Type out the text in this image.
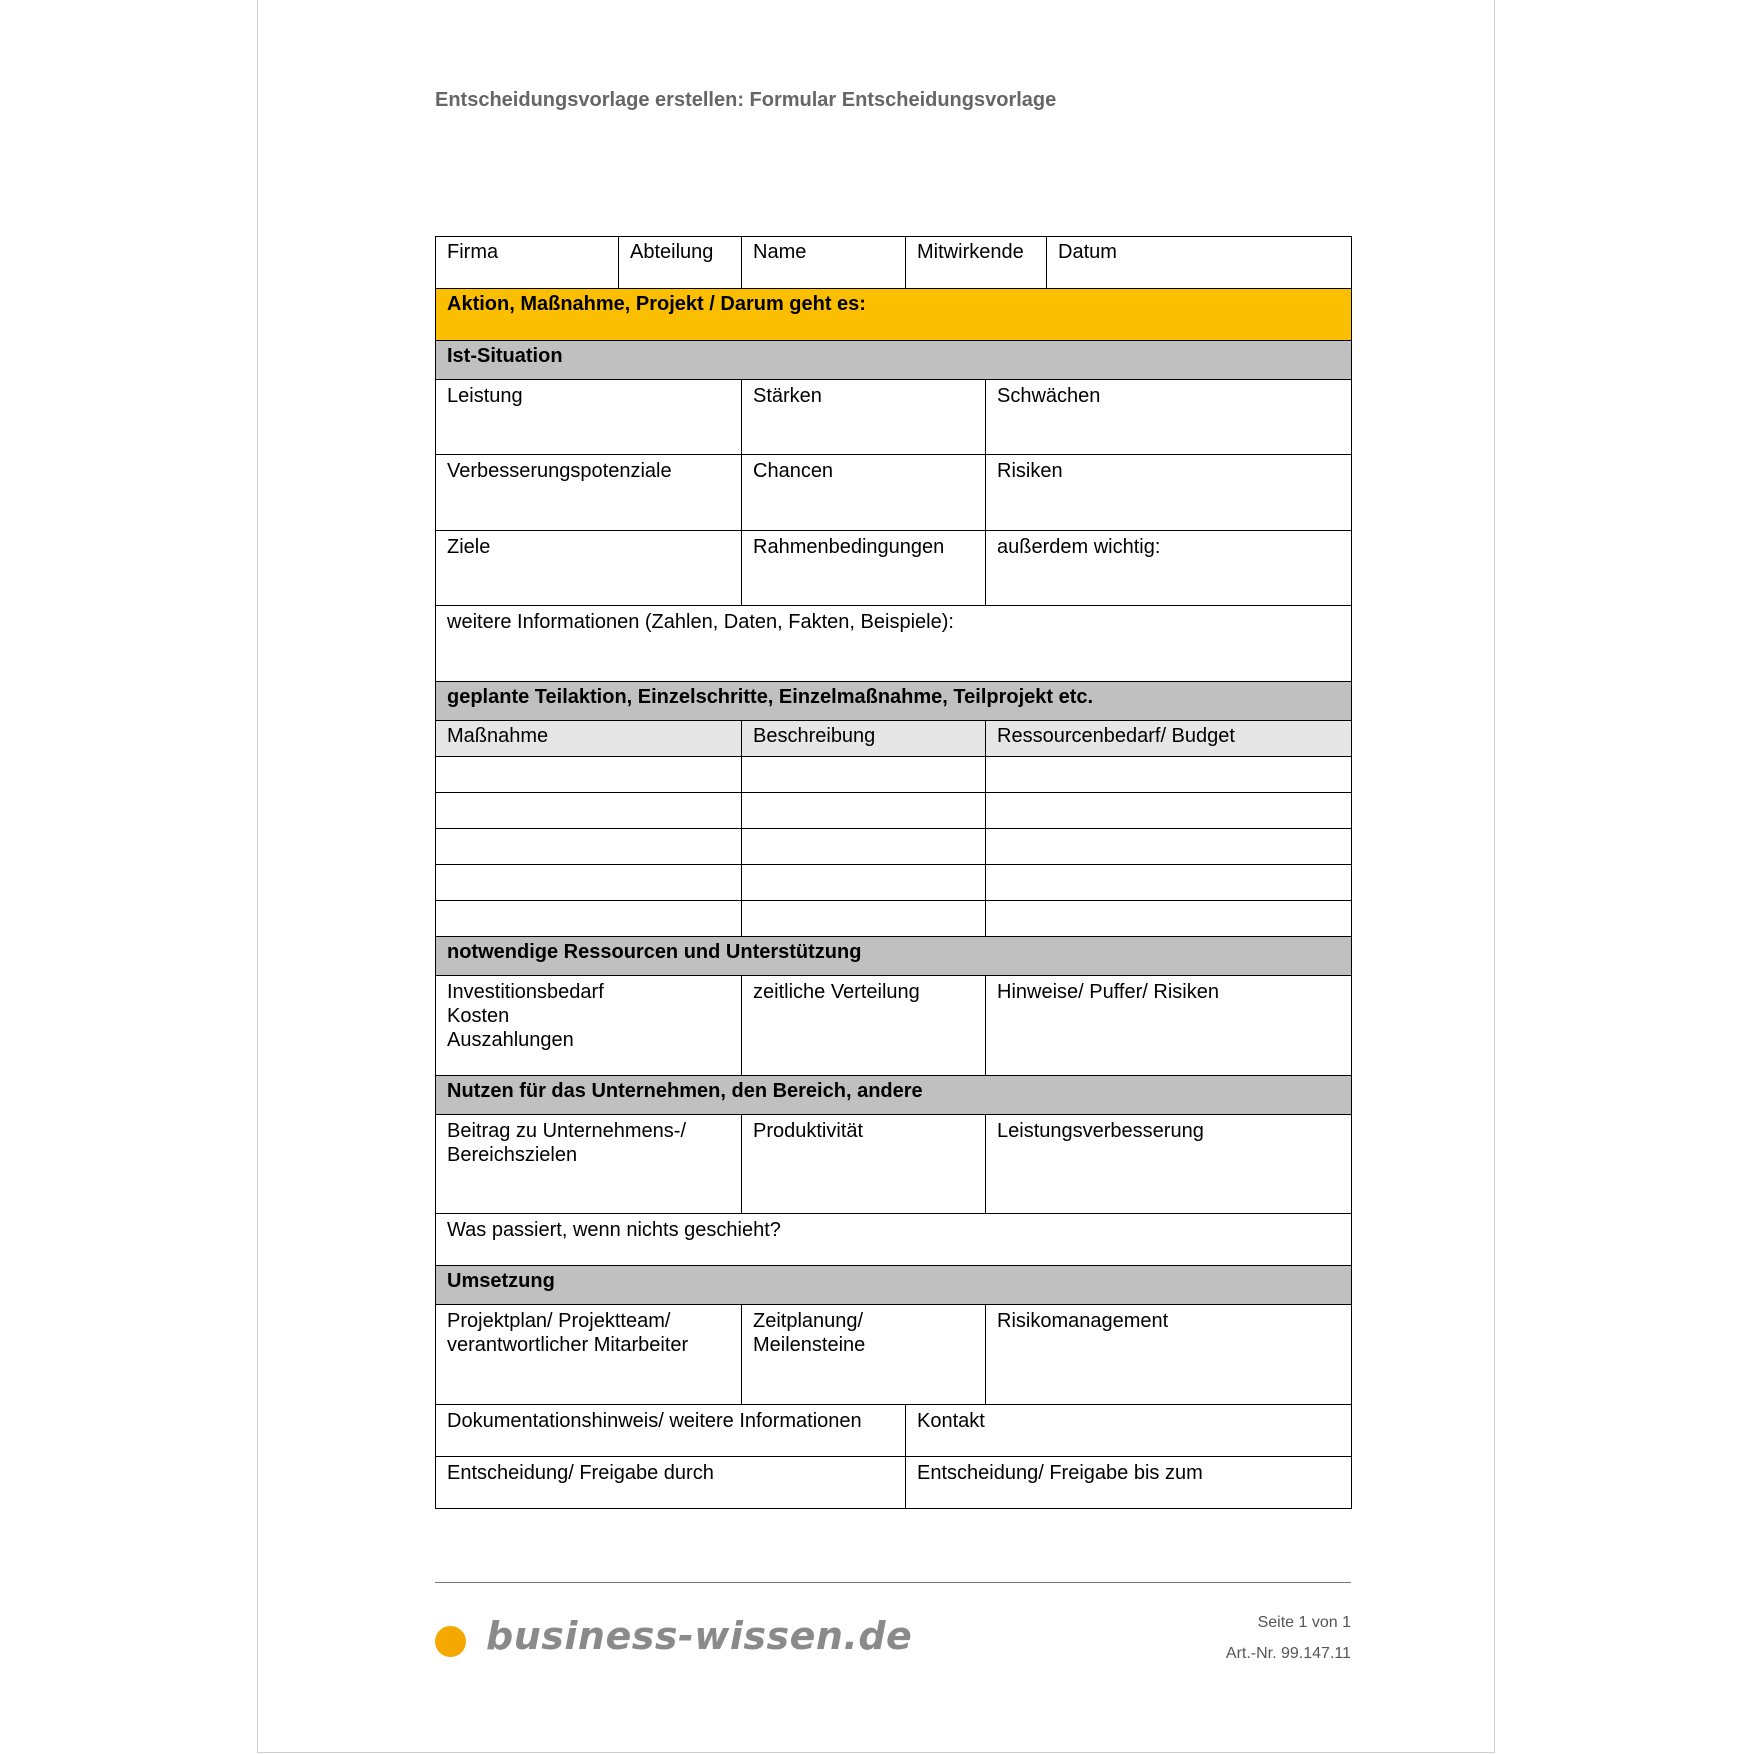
Entscheidungsvorlage erstellen: Formular Entscheidungsvorlage
Firma	Abteilung	Name	Mitwirkende		Datum
Aktion, Maßnahme, Projekt / Darum geht es:					
Ist-Situation					
Leistung		Stärken		Schwächen	
Verbesserungspotenziale		Chancen		Risiken	
Ziele		Rahmenbedingungen		außerdem wichtig:	
weitere Informationen (Zahlen, Daten, Fakten, Beispiele):					
geplante Teilaktion, Einzelschritte, Einzelmaßnahme, Teilprojekt etc.					
Maßnahme		Beschreibung		Ressourcenbedarf/ Budget	

notwendige Ressourcen und Unterstützung					
Investitionsbedarf
Kosten
Auszahlungen		zeitliche Verteilung		Hinweise/ Puffer/ Risiken	
Nutzen für das Unternehmen, den Bereich, andere					
Beitrag zu Unternehmens-/
Bereichszielen		Produktivität		Leistungsverbesserung	
Was passiert, wenn nichts geschieht?					
Umsetzung					
Projektplan/ Projektteam/
verantwortlicher Mitarbeiter		Zeitplanung/ Meilensteine		Risikomanagement	
Dokumentationshinweis/ weitere Informationen			Kontakt		
Entscheidung/ Freigabe durch			Entscheidung/ Freigabe bis zum		
business-wissen.de	Seite 1 von 1
Art.-Nr. 99.147.11
